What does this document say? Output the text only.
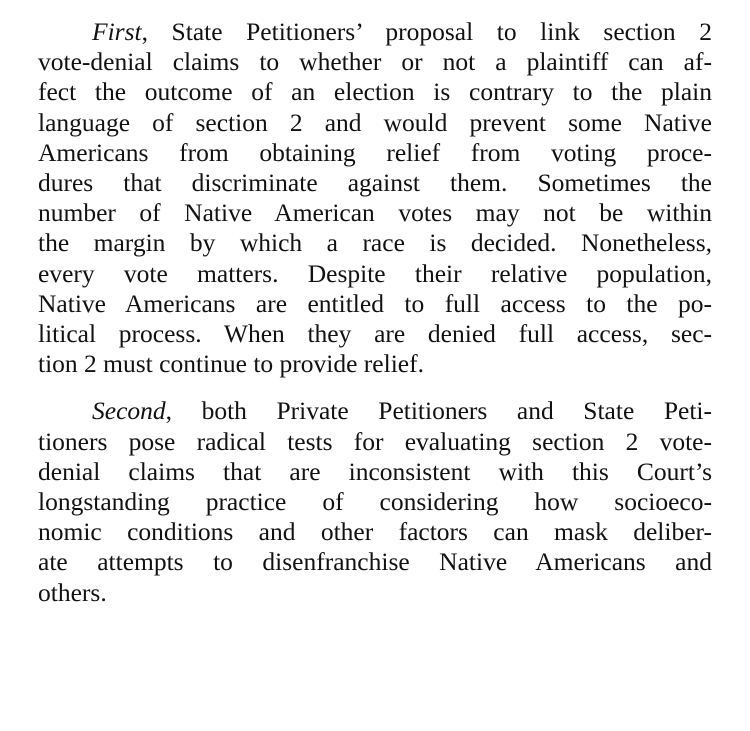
First, State Petitioners’ proposal to link section 2
vote-denial claims to whether or not a plaintiff can af-
fect the outcome of an election is contrary to the plain
language of section 2 and would prevent some Native
Americans from obtaining relief from voting proce-
dures that discriminate against them. Sometimes the
number of Native American votes may not be within
the margin by which a race is decided. Nonetheless,
every vote matters. Despite their relative population,
Native Americans are entitled to full access to the po-
litical process. When they are denied full access, sec-
tion 2 must continue to provide relief.

Second, both Private Petitioners and State Peti-
tioners pose radical tests for evaluating section 2 vote-
denial claims that are inconsistent with this Court’s
longstanding practice of considering how socioeco-
nomic conditions and other factors can mask deliber-
ate attempts to disenfranchise Native Americans and
others.
